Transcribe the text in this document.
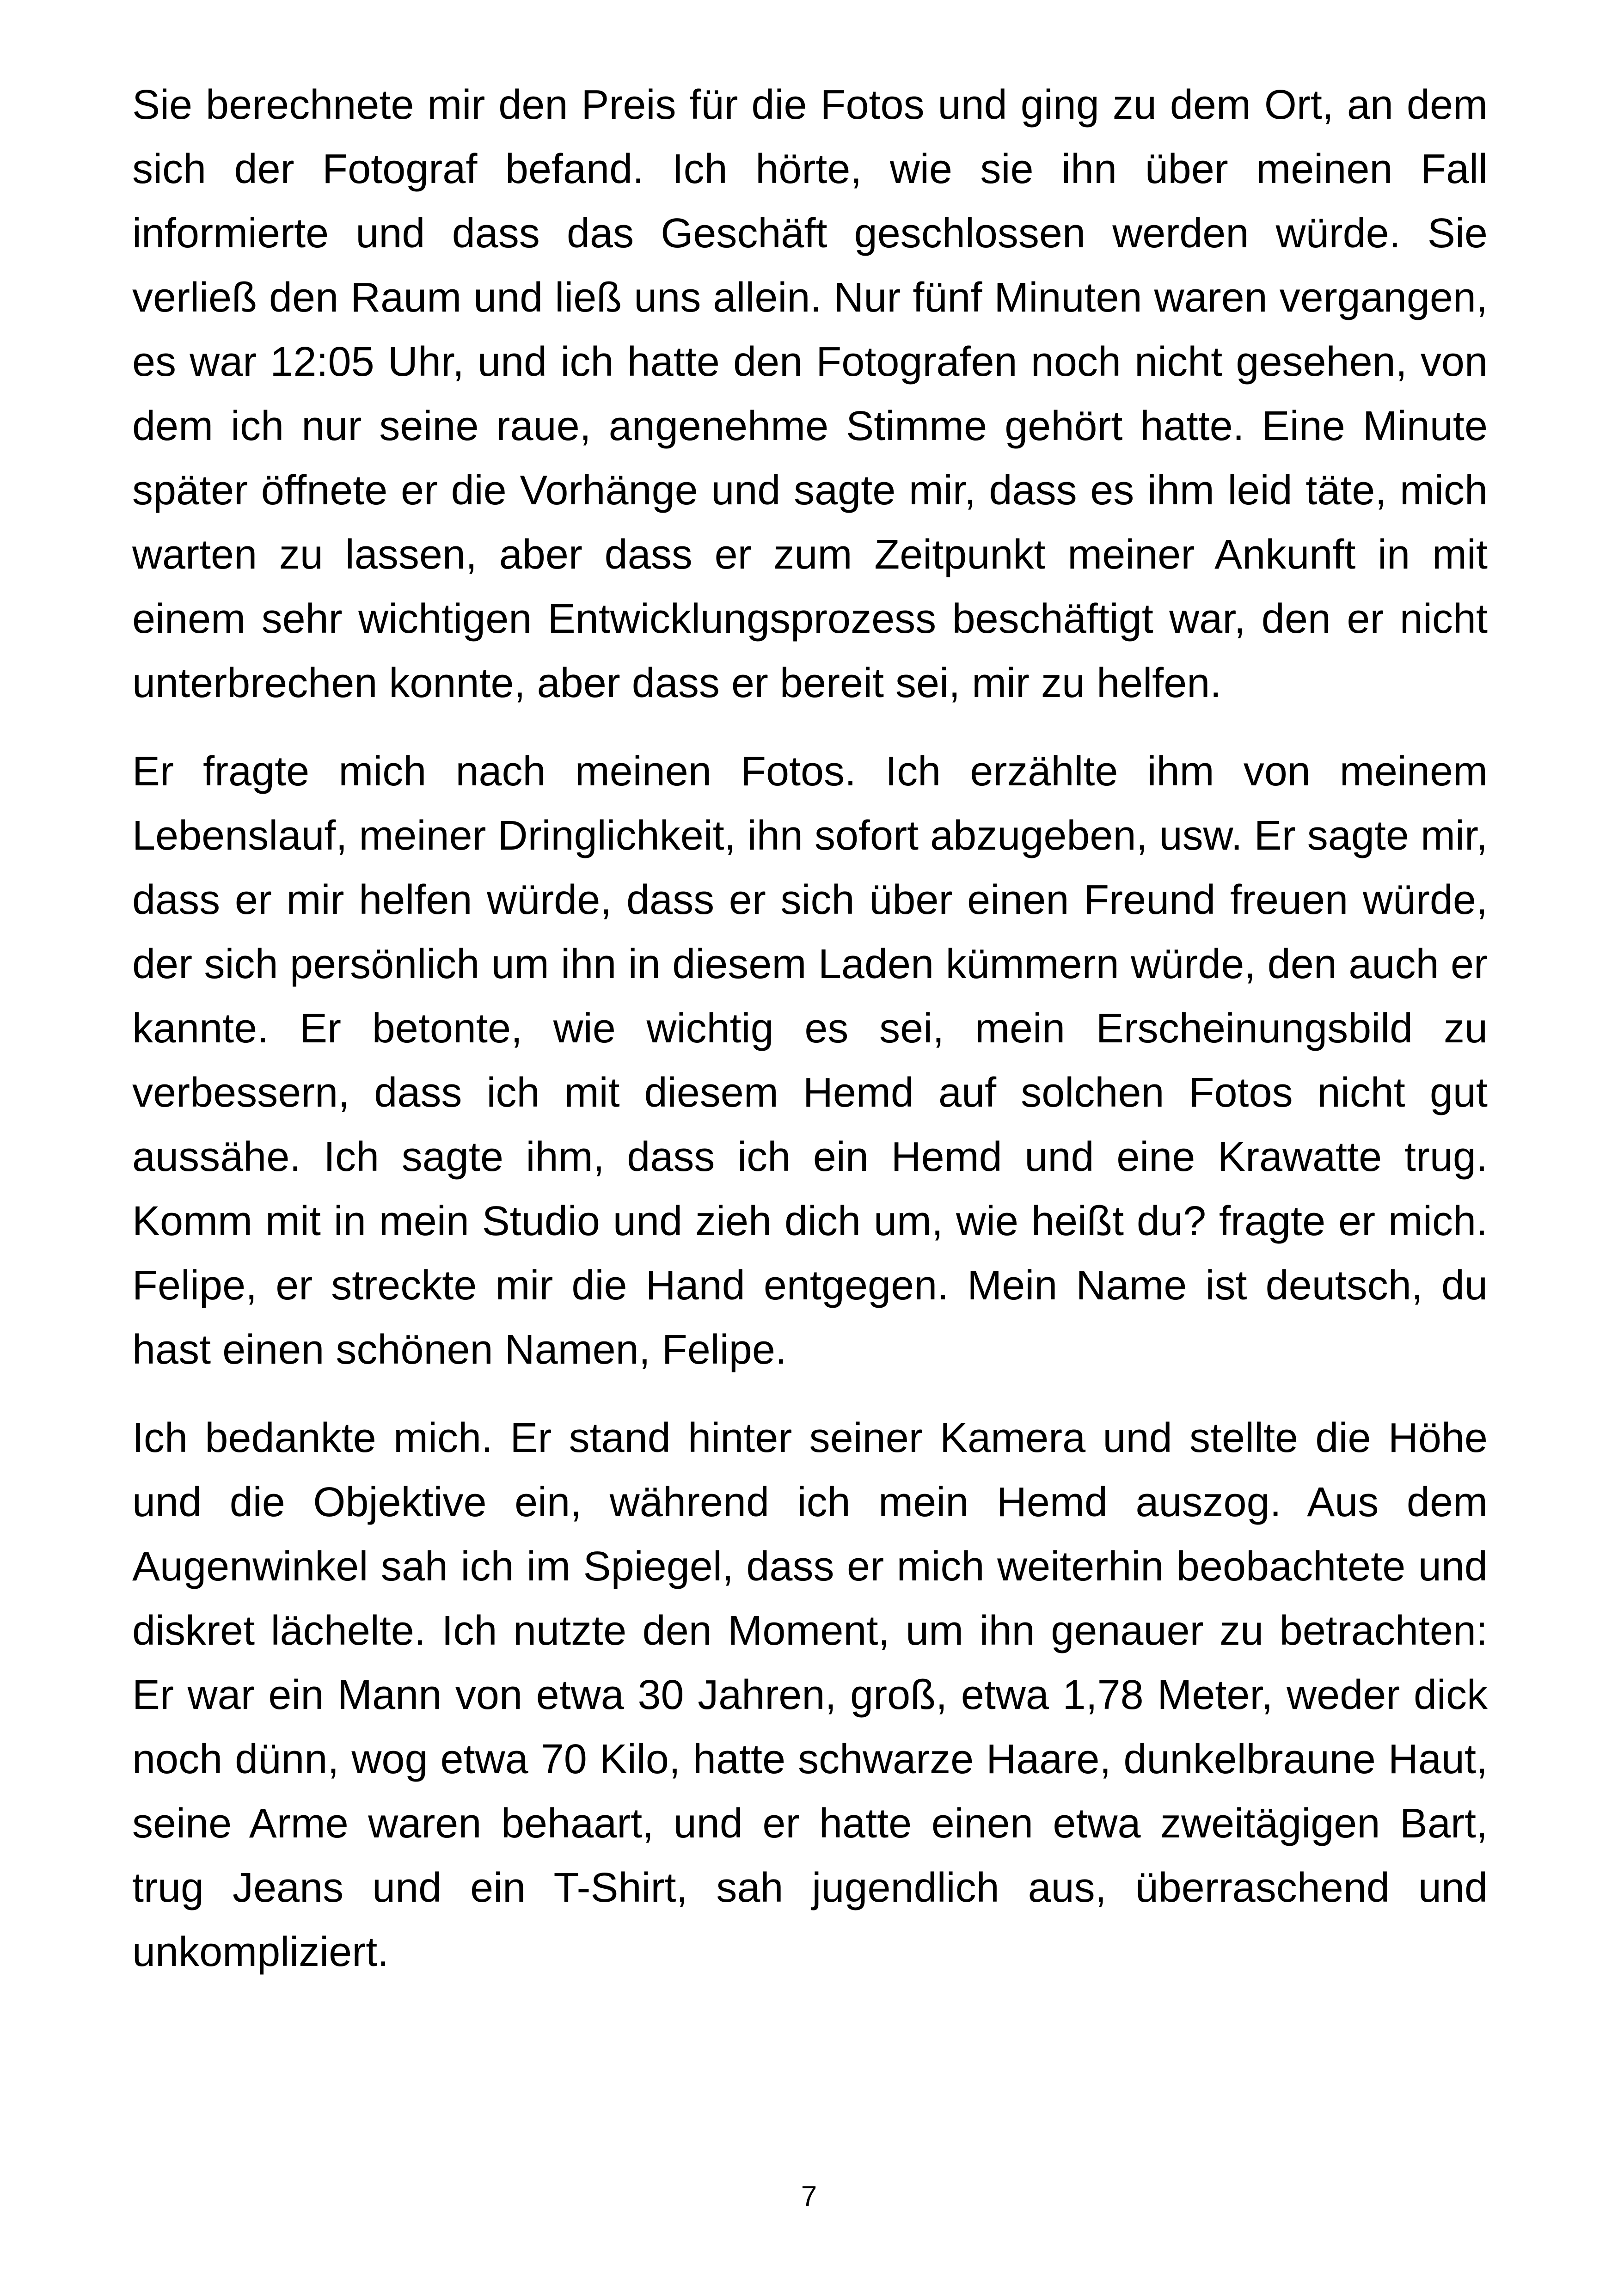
Sie berechnete mir den Preis für die Fotos und ging zu dem Ort, an dem sich der Fotograf befand. Ich hörte, wie sie ihn über meinen Fall informierte und dass das Geschäft geschlossen werden würde. Sie verließ den Raum und ließ uns allein. Nur fünf Minuten waren vergangen, es war 12:05 Uhr, und ich hatte den Fotografen noch nicht gesehen, von dem ich nur seine raue, angenehme Stimme gehört hatte. Eine Minute später öffnete er die Vorhänge und sagte mir, dass es ihm leid täte, mich warten zu lassen, aber dass er zum Zeitpunkt meiner Ankunft in mit einem sehr wichtigen Entwicklungsprozess beschäftigt war, den er nicht unterbrechen konnte, aber dass er bereit sei, mir zu helfen.

Er fragte mich nach meinen Fotos. Ich erzählte ihm von meinem Lebenslauf, meiner Dringlichkeit, ihn sofort abzugeben, usw. Er sagte mir, dass er mir helfen würde, dass er sich über einen Freund freuen würde, der sich persönlich um ihn in diesem Laden kümmern würde, den auch er kannte. Er betonte, wie wichtig es sei, mein Erscheinungsbild zu verbessern, dass ich mit diesem Hemd auf solchen Fotos nicht gut aussähe. Ich sagte ihm, dass ich ein Hemd und eine Krawatte trug. Komm mit in mein Studio und zieh dich um, wie heißt du? fragte er mich. Felipe, er streckte mir die Hand entgegen. Mein Name ist deutsch, du hast einen schönen Namen, Felipe.

Ich bedankte mich. Er stand hinter seiner Kamera und stellte die Höhe und die Objektive ein, während ich mein Hemd auszog. Aus dem Augenwinkel sah ich im Spiegel, dass er mich weiterhin beobachtete und diskret lächelte. Ich nutzte den Moment, um ihn genauer zu betrachten: Er war ein Mann von etwa 30 Jahren, groß, etwa 1,78 Meter, weder dick noch dünn, wog etwa 70 Kilo, hatte schwarze Haare, dunkelbraune Haut, seine Arme waren behaart, und er hatte einen etwa zweitägigen Bart, trug Jeans und ein T-Shirt, sah jugendlich aus, überraschend und unkompliziert.

7
